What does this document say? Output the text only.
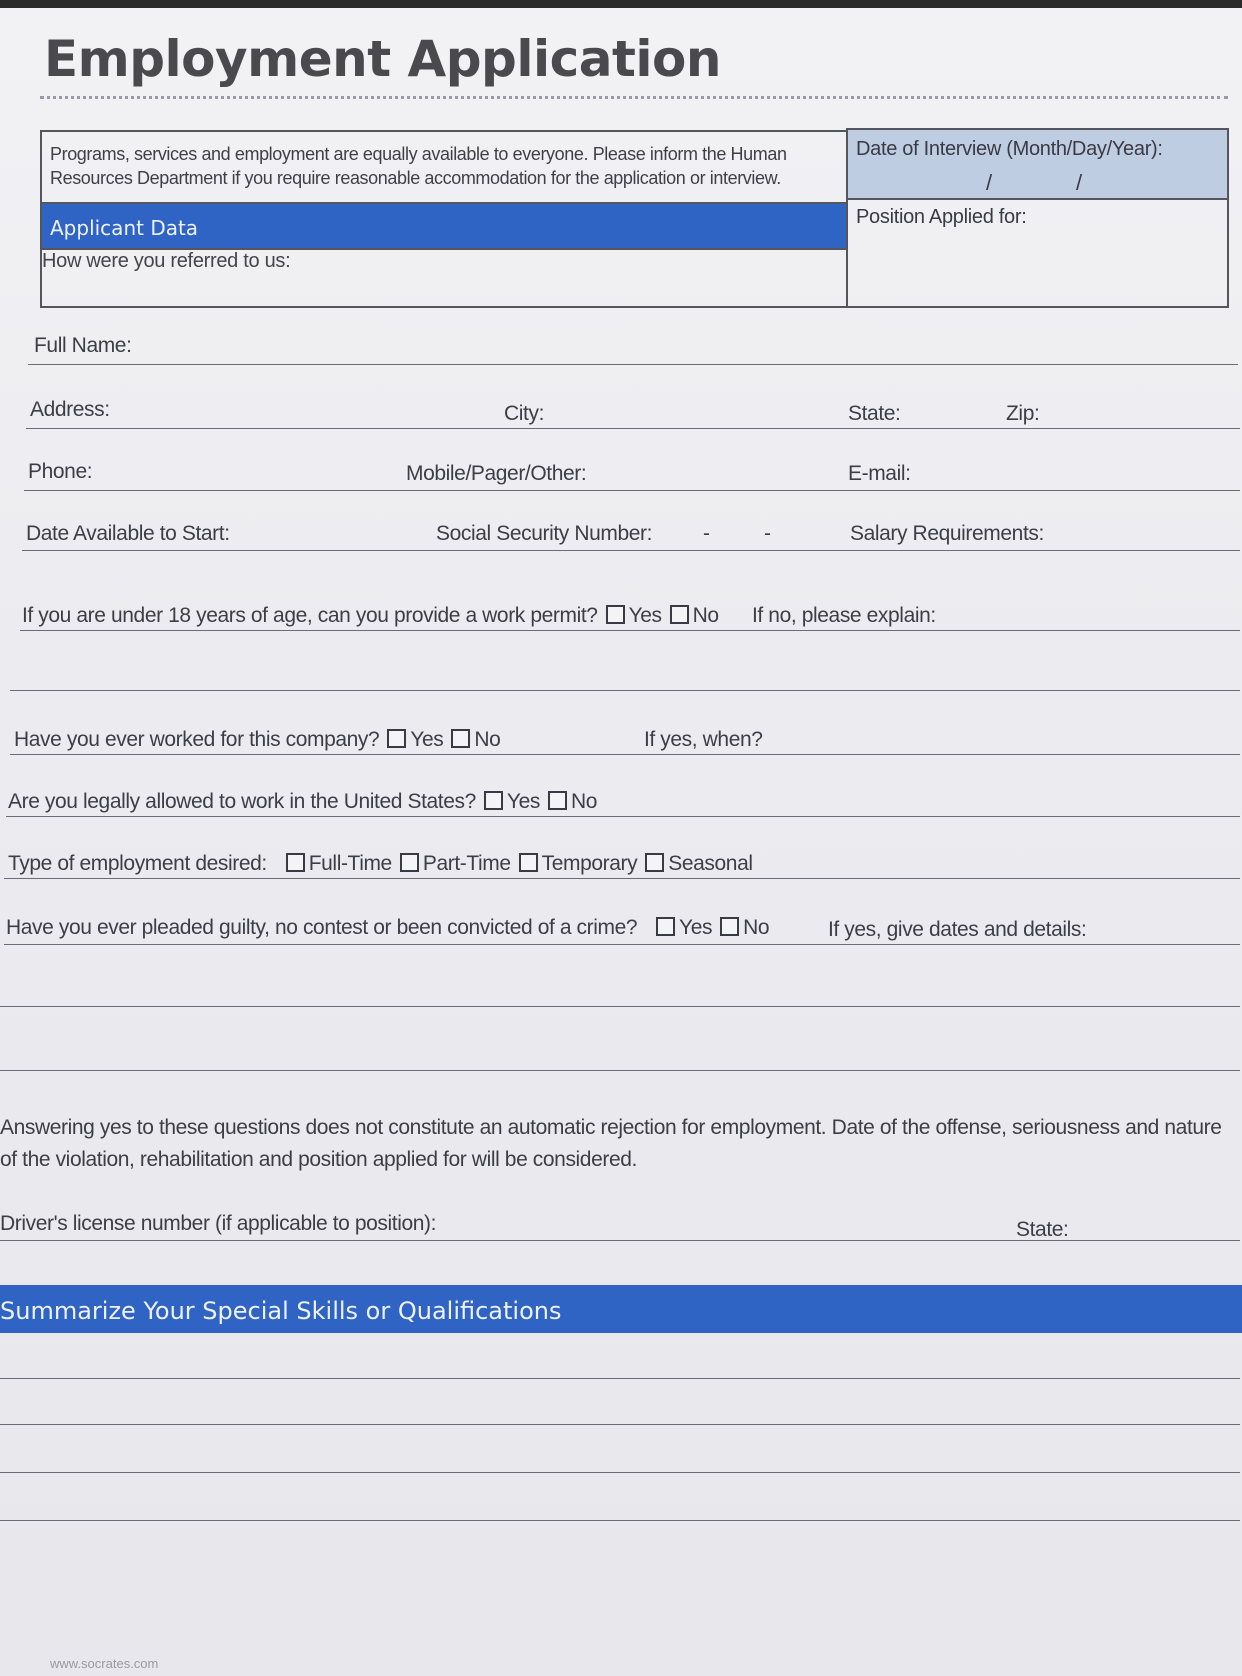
Employment Application
Programs, services and employment are equally available to everyone. Please inform the Human Resources Department if you require reasonable accommodation for the application or interview.
Date of Interview (Month/Day/Year):
/	/
Applicant Data
How were you referred to us:
Position Applied for:
Full Name:
Address:	City:	State:	Zip:
Phone:	Mobile/Pager/Other:	E-mail:
Date Available to Start:	Social Security Number: -	-	Salary Requirements:
If you are under 18 years of age, can you provide a work permit? Yes No If no, please explain:
Have you ever worked for this company? Yes No	If yes, when?
Are you legally allowed to work in the United States? Yes No
Type of employment desired: Full-Time Part-Time Temporary Seasonal
Have you ever pleaded guilty, no contest or been convicted of a crime? Yes No	If yes, give dates and details:
Answering yes to these questions does not constitute an automatic rejection for employment. Date of the offense, seriousness and nature of the violation, rehabilitation and position applied for will be considered.
Driver's license number (if applicable to position):	State:
Summarize Your Special Skills or Qualifications
www.socrates.com
